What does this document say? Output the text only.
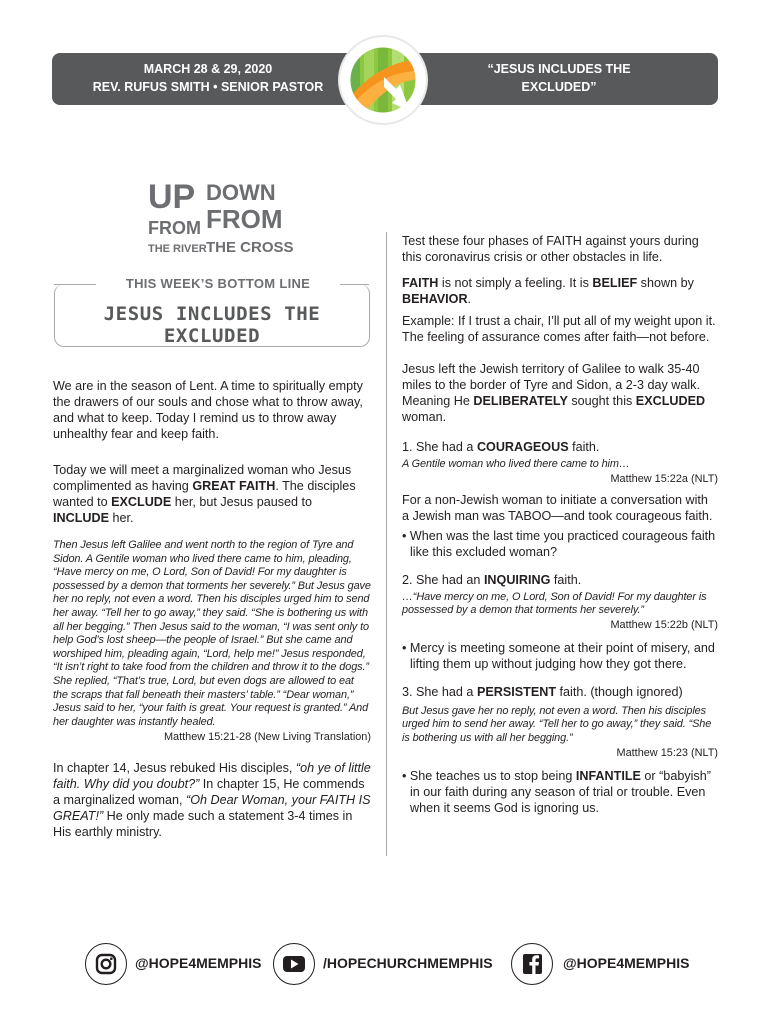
MARCH 28 & 29, 2020
REV. RUFUS SMITH • SENIOR PASTOR
“JESUS INCLUDES THE
EXCLUDED”
UP DOWN
FROM FROM
THE RIVER THE CROSS
THIS WEEK’S BOTTOM LINE
JESUS INCLUDES THE EXCLUDED

We are in the season of Lent. A time to spiritually empty the drawers of our souls and chose what to throw away, and what to keep. Today I remind us to throw away unhealthy fear and keep faith.

Today we will meet a marginalized woman who Jesus complimented as having GREAT FAITH. The disciples wanted to EXCLUDE her, but Jesus paused to INCLUDE her.

Then Jesus left Galilee and went north to the region of Tyre and Sidon. A Gentile woman who lived there came to him, pleading, “Have mercy on me, O Lord, Son of David! For my daughter is possessed by a demon that torments her severely.” But Jesus gave her no reply, not even a word. Then his disciples urged him to send her away. “Tell her to go away,” they said. “She is bothering us with all her begging.” Then Jesus said to the woman, “I was sent only to help God’s lost sheep—the people of Israel.” But she came and worshiped him, pleading again, “Lord, help me!” Jesus responded, “It isn’t right to take food from the children and throw it to the dogs.” She replied, “That’s true, Lord, but even dogs are allowed to eat the scraps that fall beneath their masters’ table.” “Dear woman,” Jesus said to her, “your faith is great. Your request is granted.” And her daughter was instantly healed.

Matthew 15:21-28 (New Living Translation)

In chapter 14, Jesus rebuked His disciples, “oh ye of little faith. Why did you doubt?” In chapter 15, He commends a marginalized woman, “Oh Dear Woman, your FAITH IS GREAT!” He only made such a statement 3-4 times in His earthly ministry.

Test these four phases of FAITH against yours during this coronavirus crisis or other obstacles in life.

FAITH is not simply a feeling. It is BELIEF shown by BEHAVIOR.

Example: If I trust a chair, I’ll put all of my weight upon it. The feeling of assurance comes after faith—not before.

Jesus left the Jewish territory of Galilee to walk 35-40 miles to the border of Tyre and Sidon, a 2-3 day walk. Meaning He DELIBERATELY sought this EXCLUDED woman.

1. She had a COURAGEOUS faith.

A Gentile woman who lived there came to him…

Matthew 15:22a (NLT)

For a non-Jewish woman to initiate a conversation with a Jewish man was TABOO—and took courageous faith.

• When was the last time you practiced courageous faith like this excluded woman?

2. She had an INQUIRING faith.

…“Have mercy on me, O Lord, Son of David! For my daughter is possessed by a demon that torments her severely.”

Matthew 15:22b (NLT)

• Mercy is meeting someone at their point of misery, and lifting them up without judging how they got there.

3. She had a PERSISTENT faith. (though ignored)

But Jesus gave her no reply, not even a word. Then his disciples urged him to send her away. “Tell her to go away,” they said. “She is bothering us with all her begging.”

Matthew 15:23 (NLT)

• She teaches us to stop being INFANTILE or “babyish” in our faith during any season of trial or trouble. Even when it seems God is ignoring us.

@HOPE4MEMPHIS	/HOPECHURCHMEMPHIS	@HOPE4MEMPHIS
